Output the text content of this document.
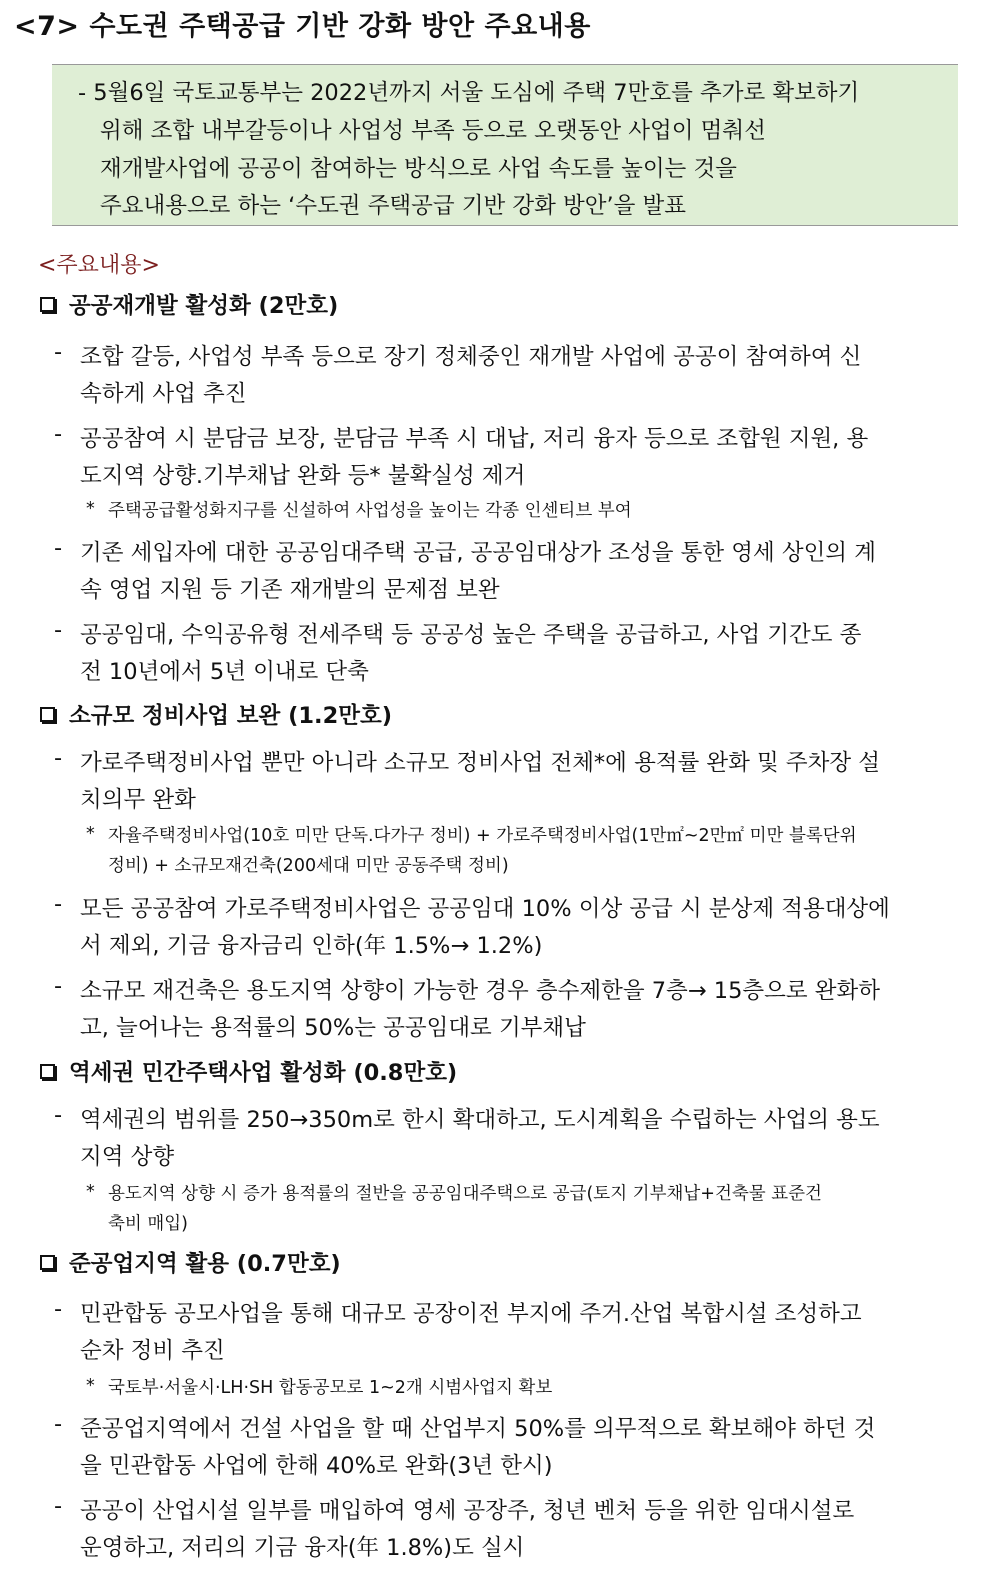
<7> 수도권 주택공급 기반 강화 방안 주요내용
- 5월6일 국토교통부는 2022년까지 서울 도심에 주택 7만호를 추가로 확보하기
위해 조합 내부갈등이나 사업성 부족 등으로 오랫동안 사업이 멈춰선
재개발사업에 공공이 참여하는 방식으로 사업 속도를 높이는 것을
주요내용으로 하는 ‘수도권 주택공급 기반 강화 방안’을 발표
<주요내용>
공공재개발 활성화 (2만호)
- 조합 갈등, 사업성 부족 등으로 장기 정체중인 재개발 사업에 공공이 참여하여 신
속하게 사업 추진
- 공공참여 시 분담금 보장, 분담금 부족 시 대납, 저리 융자 등으로 조합원 지원, 용
도지역 상향.기부채납 완화 등* 불확실성 제거
* 주택공급활성화지구를 신설하여 사업성을 높이는 각종 인센티브 부여
- 기존 세입자에 대한 공공임대주택 공급, 공공임대상가 조성을 통한 영세 상인의 계
속 영업 지원 등 기존 재개발의 문제점 보완
- 공공임대, 수익공유형 전세주택 등 공공성 높은 주택을 공급하고, 사업 기간도 종
전 10년에서 5년 이내로 단축
소규모 정비사업 보완 (1.2만호)
- 가로주택정비사업 뿐만 아니라 소규모 정비사업 전체*에 용적률 완화 및 주차장 설
치의무 완화
* 자율주택정비사업(10호 미만 단독.다가구 정비) + 가로주택정비사업(1만㎡~2만㎡ 미만 블록단위
정비) + 소규모재건축(200세대 미만 공동주택 정비)
- 모든 공공참여 가로주택정비사업은 공공임대 10% 이상 공급 시 분상제 적용대상에
서 제외, 기금 융자금리 인하(年 1.5%→ 1.2%)
- 소규모 재건축은 용도지역 상향이 가능한 경우 층수제한을 7층→ 15층으로 완화하
고, 늘어나는 용적률의 50%는 공공임대로 기부채납
역세권 민간주택사업 활성화 (0.8만호)
- 역세권의 범위를 250→350m로 한시 확대하고, 도시계획을 수립하는 사업의 용도
지역 상향
* 용도지역 상향 시 증가 용적률의 절반을 공공임대주택으로 공급(토지 기부채납+건축물 표준건
축비 매입)
준공업지역 활용 (0.7만호)
- 민관합동 공모사업을 통해 대규모 공장이전 부지에 주거.산업 복합시설 조성하고
순차 정비 추진
* 국토부·서울시·LH·SH 합동공모로 1~2개 시범사업지 확보
- 준공업지역에서 건설 사업을 할 때 산업부지 50%를 의무적으로 확보해야 하던 것
을 민관합동 사업에 한해 40%로 완화(3년 한시)
- 공공이 산업시설 일부를 매입하여 영세 공장주, 청년 벤처 등을 위한 임대시설로
운영하고, 저리의 기금 융자(年 1.8%)도 실시
